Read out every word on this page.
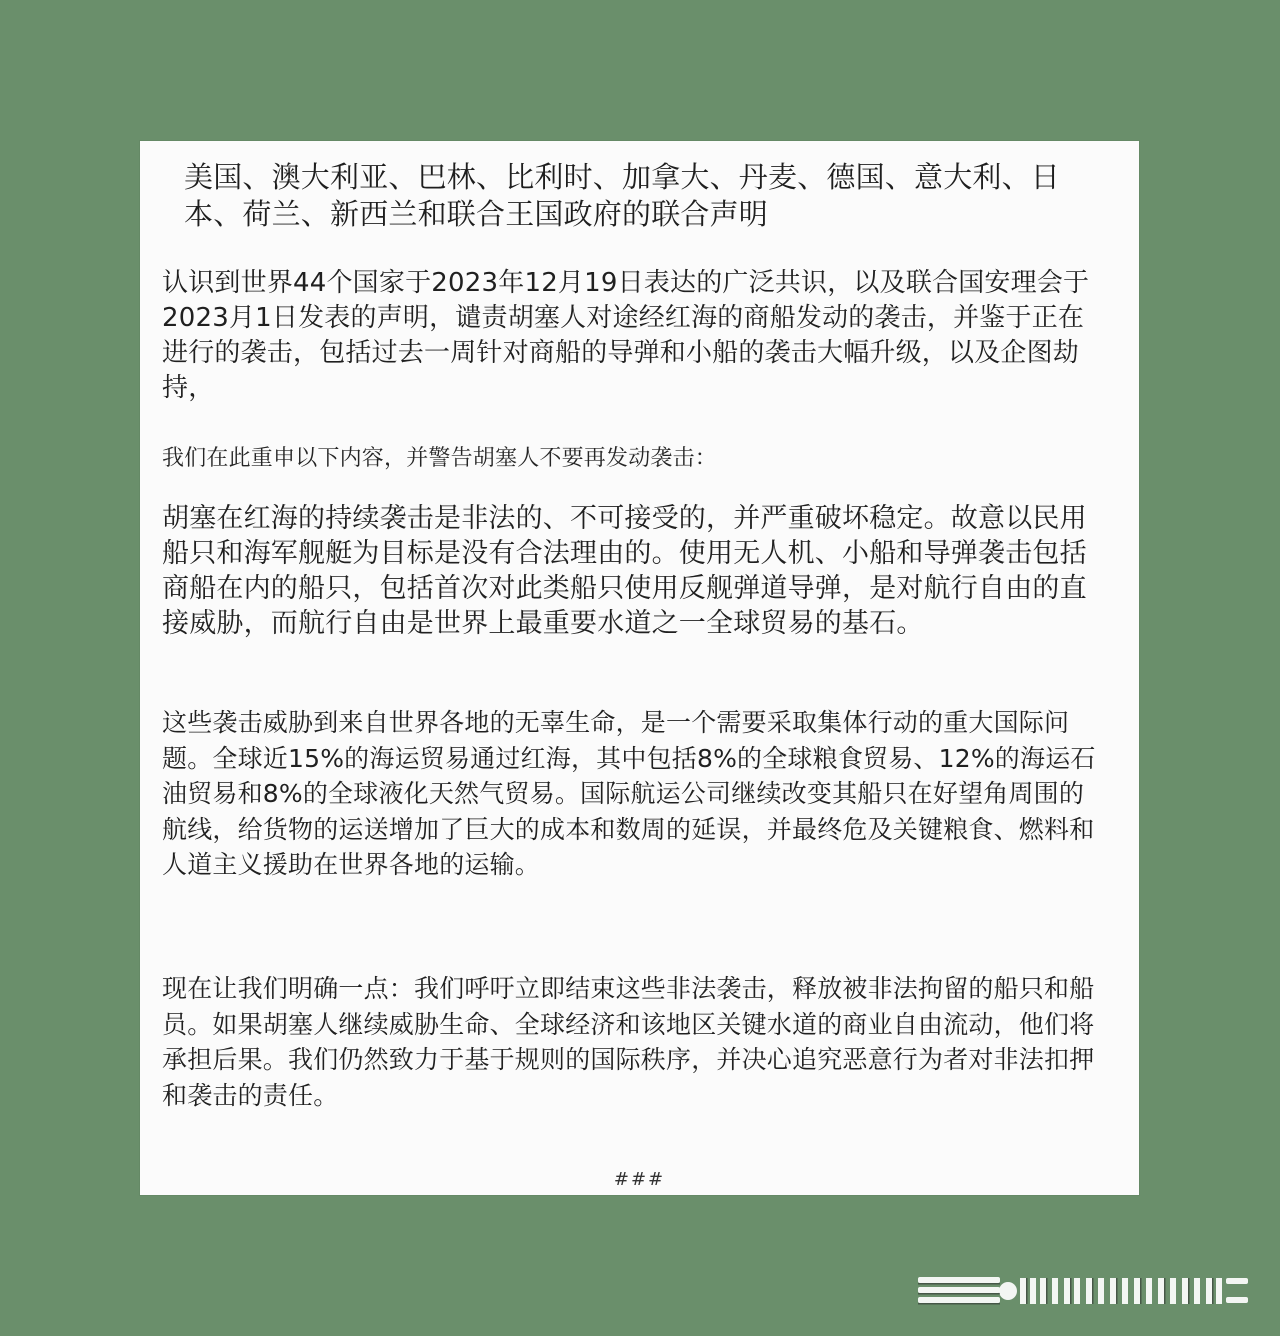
美国、澳大利亚、巴林、比利时、加拿大、丹麦、德国、意大利、日本、荷兰、新西兰和联合王国政府的联合声明

认识到世界44个国家于2023年12月19日表达的广泛共识，以及联合国安理会于2023月1日发表的声明，谴责胡塞人对途经红海的商船发动的袭击，并鉴于正在进行的袭击，包括过去一周针对商船的导弹和小船的袭击大幅升级，以及企图劫持，

我们在此重申以下内容，并警告胡塞人不要再发动袭击：

胡塞在红海的持续袭击是非法的、不可接受的，并严重破坏稳定。故意以民用船只和海军舰艇为目标是没有合法理由的。使用无人机、小船和导弹袭击包括商船在内的船只，包括首次对此类船只使用反舰弹道导弹，是对航行自由的直接威胁，而航行自由是世界上最重要水道之一全球贸易的基石。

这些袭击威胁到来自世界各地的无辜生命，是一个需要采取集体行动的重大国际问题。全球近15%的海运贸易通过红海，其中包括8%的全球粮食贸易、12%的海运石油贸易和8%的全球液化天然气贸易。国际航运公司继续改变其船只在好望角周围的航线，给货物的运送增加了巨大的成本和数周的延误，并最终危及关键粮食、燃料和人道主义援助在世界各地的运输。

现在让我们明确一点：我们呼吁立即结束这些非法袭击，释放被非法拘留的船只和船员。如果胡塞人继续威胁生命、全球经济和该地区关键水道的商业自由流动，他们将承担后果。我们仍然致力于基于规则的国际秩序，并决心追究恶意行为者对非法扣押和袭击的责任。

###
